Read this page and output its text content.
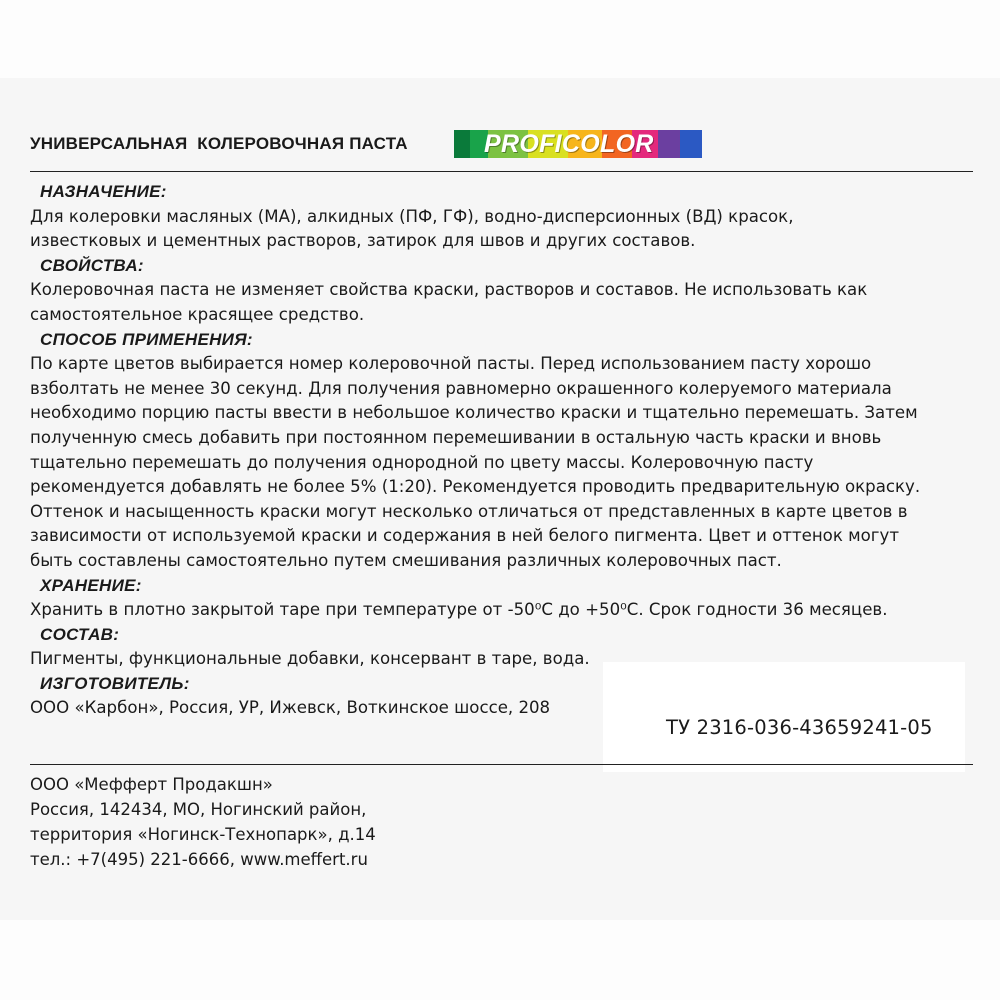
УНИВЕРСАЛЬНАЯ  КОЛЕРОВОЧНАЯ ПАСТА	PROFICOLOR
НАЗНАЧЕНИЕ:
Для колеровки масляных (МА), алкидных (ПФ, ГФ), водно-дисперсионных (ВД) красок,
известковых и цементных растворов, затирок для швов и других составов.
СВОЙСТВА:
Колеровочная паста не изменяет свойства краски, растворов и составов. Не использовать как
самостоятельное красящее средство.
СПОСОБ ПРИМЕНЕНИЯ:
По карте цветов выбирается номер колеровочной пасты. Перед использованием пасту хорошо
взболтать не менее 30 секунд. Для получения равномерно окрашенного колеруемого материала
необходимо порцию пасты ввести в небольшое количество краски и тщательно перемешать. Затем
полученную смесь добавить при постоянном перемешивании в остальную часть краски и вновь
тщательно перемешать до получения однородной по цвету массы. Колеровочную пасту
рекомендуется добавлять не более 5% (1:20). Рекомендуется проводить предварительную окраску.
Оттенок и насыщенность краски могут несколько отличаться от представленных в карте цветов в
зависимости от используемой краски и содержания в ней белого пигмента. Цвет и оттенок могут
быть составлены самостоятельно путем смешивания различных колеровочных паст.
ХРАНЕНИЕ:
Хранить в плотно закрытой таре при температуре от -50⁰С до +50⁰С. Срок годности 36 месяцев.
СОСТАВ:
Пигменты, функциональные добавки, консервант в таре, вода.
ИЗГОТОВИТЕЛЬ:
ООО «Карбон», Россия, УР, Ижевск, Воткинское шоссе, 208
ТУ 2316-036-43659241-05
ООО «Мефферт Продакшн»
Россия, 142434, МО, Ногинский район,
территория «Ногинск-Технопарк», д.14
тел.: +7(495) 221-6666, www.meffert.ru
